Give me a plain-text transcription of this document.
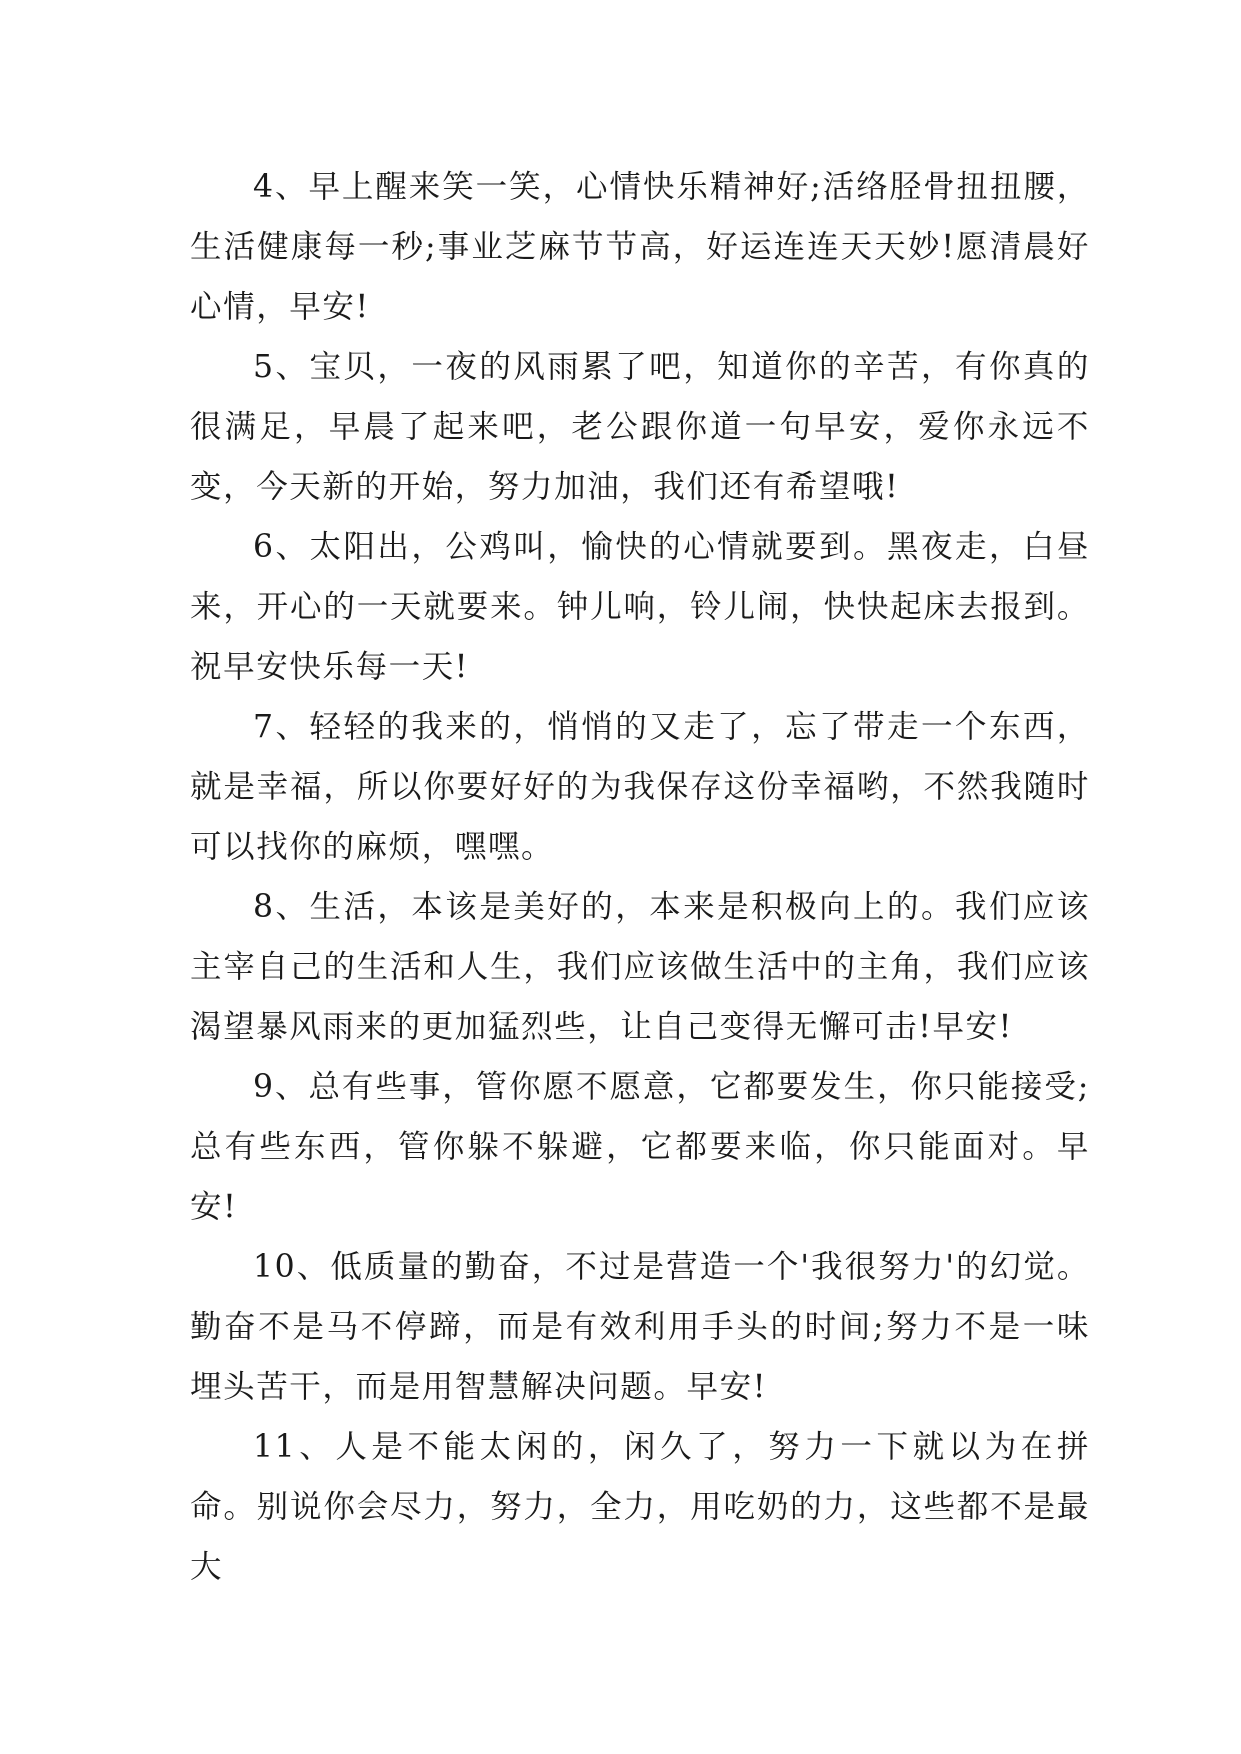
4、早上醒来笑一笑，心情快乐精神好;活络胫骨扭扭腰，生活健康每一秒;事业芝麻节节高，好运连连天天妙!愿清晨好心情，早安!

5、宝贝，一夜的风雨累了吧，知道你的辛苦，有你真的很满足，早晨了起来吧，老公跟你道一句早安，爱你永远不变，今天新的开始，努力加油，我们还有希望哦!

6、太阳出，公鸡叫，愉快的心情就要到。黑夜走，白昼来，开心的一天就要来。钟儿响，铃儿闹，快快起床去报到。祝早安快乐每一天!

7、轻轻的我来的，悄悄的又走了，忘了带走一个东西，就是幸福，所以你要好好的为我保存这份幸福哟，不然我随时可以找你的麻烦，嘿嘿。

8、生活，本该是美好的，本来是积极向上的。我们应该主宰自己的生活和人生，我们应该做生活中的主角，我们应该渴望暴风雨来的更加猛烈些，让自己变得无懈可击!早安!

9、总有些事，管你愿不愿意，它都要发生，你只能接受;总有些东西，管你躲不躲避，它都要来临，你只能面对。早安!

10、低质量的勤奋，不过是营造一个'我很努力'的幻觉。勤奋不是马不停蹄，而是有效利用手头的时间;努力不是一味埋头苦干，而是用智慧解决问题。早安!

11、人是不能太闲的，闲久了，努力一下就以为在拼命。别说你会尽力，努力，全力，用吃奶的力，这些都不是最大
